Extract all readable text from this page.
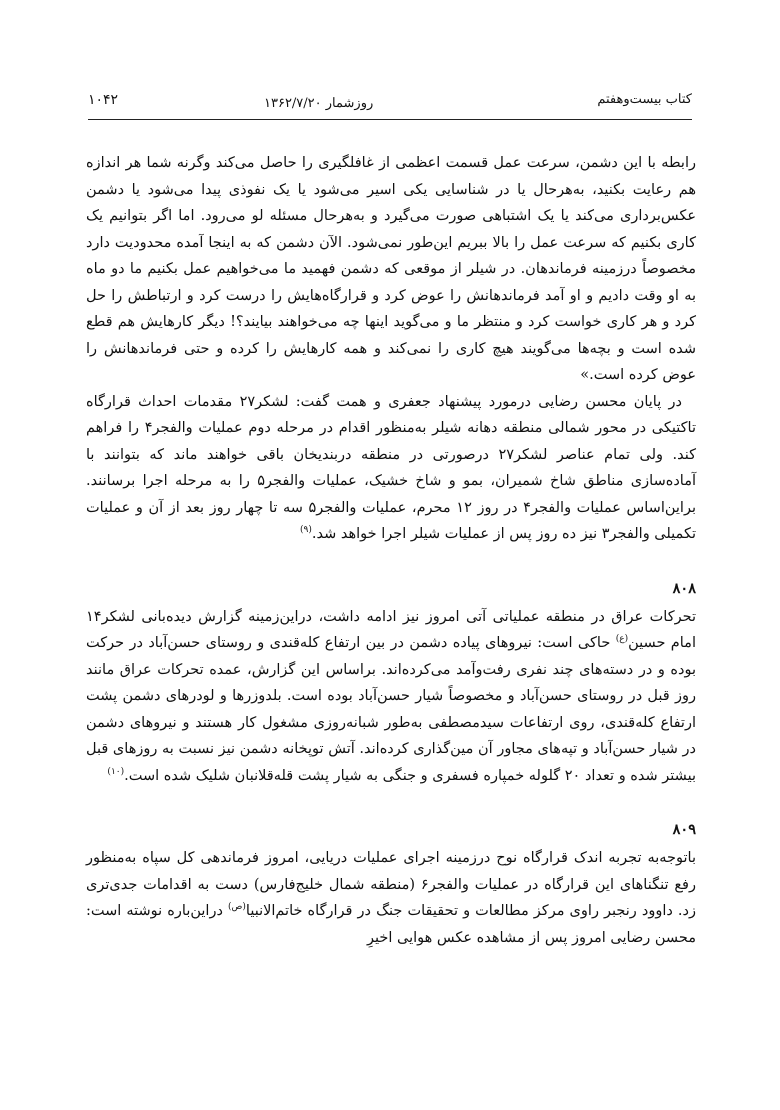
کتاب بیست‌وهفتم
روزشمار ۱۳۶۲/۷/۲۰
۱۰۴۲

رابطه با این دشمن، سرعت عمل قسمت اعظمی از غافلگیری را حاصل می‌کند وگرنه شما هر اندازه هم رعایت بکنید، به‌هرحال یا در شناسایی یکی اسیر می‌شود یا یک نفوذی پیدا می‌شود یا دشمن عکس‌برداری می‌کند یا یک اشتباهی صورت می‌گیرد و به‌هرحال مسئله لو می‌رود. اما اگر بتوانیم یک کاری بکنیم که سرعت عمل را بالا ببریم این‌طور نمی‌شود. الآن دشمن که به اینجا آمده محدودیت دارد مخصوصاً درزمینه فرماندهان. در شیلر از موقعی که دشمن فهمید ما می‌خواهیم عمل بکنیم ما دو ماه به او وقت دادیم و او آمد فرماندهانش را عوض کرد و قرارگاه‌هایش را درست کرد و ارتباطش را حل کرد و هر کاری خواست کرد و منتظر ما و می‌گوید اینها چه می‌خواهند بیایند؟! دیگر کارهایش هم قطع شده است و بچه‌ها می‌گویند هیچ کاری را نمی‌کند و همه کارهایش را کرده و حتی فرماندهانش را عوض کرده است.»

در پایان محسن رضایی درمورد پیشنهاد جعفری و همت گفت: لشکر۲۷ مقدمات احداث قرارگاه تاکتیکی در محور شمالی منطقه دهانه شیلر به‌منظور اقدام در مرحله دوم عملیات والفجر۴ را فراهم کند. ولی تمام عناصر لشکر۲۷ درصورتی در منطقه دربندیخان باقی خواهند ماند که بتوانند با آماده‌سازی مناطق شاخ شمیران، بمو و شاخ خشیک، عملیات والفجر۵ را به مرحله اجرا برسانند. براین‌اساس عملیات والفجر۴ در روز ۱۲ محرم، عملیات والفجر۵ سه تا چهار روز بعد از آن و عملیات تکمیلی والفجر۳ نیز ده روز پس از عملیات شیلر اجرا خواهد شد.$^{(۹)}$

۸۰۸

تحرکات عراق در منطقه عملیاتی آتی امروز نیز ادامه داشت، دراین‌زمینه گزارش دیده‌بانی لشکر۱۴ امام حسین$^{(ع)}$ حاکی است: نیروهای پیاده دشمن در بین ارتفاع کله‌قندی و روستای حسن‌آباد در حرکت بوده و در دسته‌های چند نفری رفت‌وآمد می‌کرده‌اند. براساس این گزارش، عمده تحرکات عراق مانند روز قبل در روستای حسن‌آباد و مخصوصاً شیار حسن‌آباد بوده است. بلدوزرها و لودرهای دشمن پشت ارتفاع کله‌قندی، روی ارتفاعات سیدمصطفی به‌طور شبانه‌روزی مشغول کار هستند و نیروهای دشمن در شیار حسن‌آباد و تپه‌های مجاور آن مین‌گذاری کرده‌اند. آتش توپخانه دشمن نیز نسبت به روزهای قبل بیشتر شده و تعداد ۲۰ گلوله خمپاره فسفری و جنگی به شیار پشت قله‌قلانبان شلیک شده است.$^{(۱۰)}$

۸۰۹

باتوجه‌به تجربه اندک قرارگاه نوح درزمینه اجرای عملیات دریایی، امروز فرماندهی کل سپاه به‌منظور رفع تنگناهای این قرارگاه در عملیات والفجر۶ (منطقه شمال خلیج‌فارس) دست به اقدامات جدی‌تری زد. داوود رنجبر راوی مرکز مطالعات و تحقیقات جنگ در قرارگاه خاتم‌الانبیا$^{(ص)}$ دراین‌باره نوشته است: محسن رضایی امروز پس از مشاهده عکس هوایی اخیرِ
